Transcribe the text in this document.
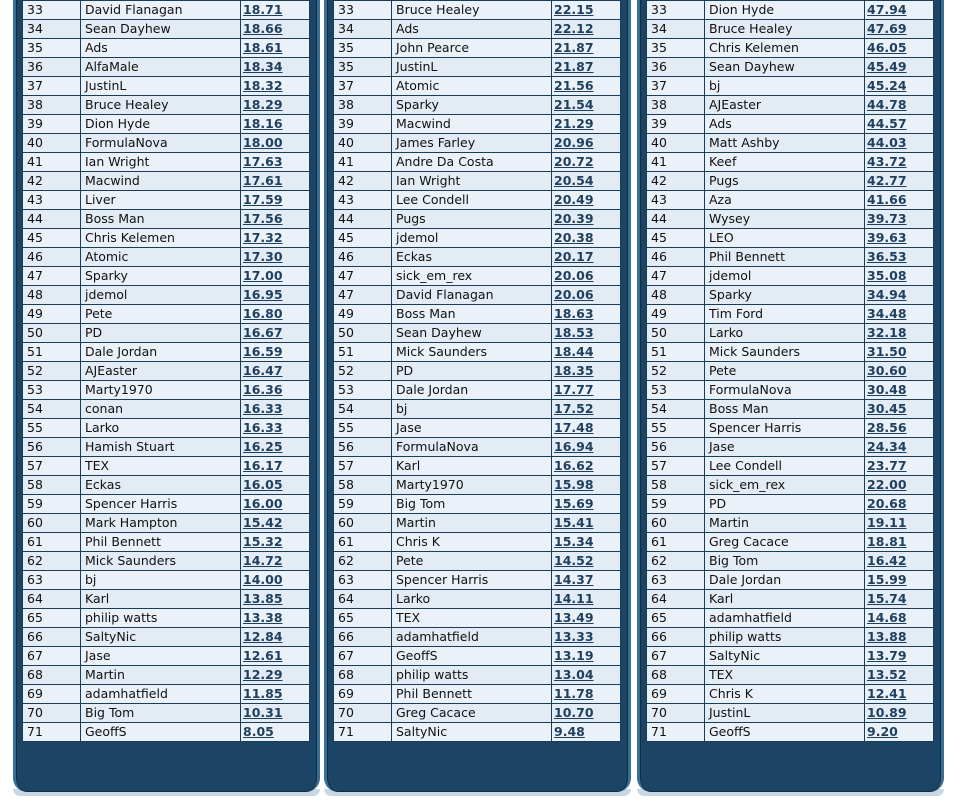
33	David Flanagan	18.71
34	Sean Dayhew	18.66
35	Ads	18.61
36	AlfaMale	18.34
37	JustinL	18.32
38	Bruce Healey	18.29
39	Dion Hyde	18.16
40	FormulaNova	18.00
41	Ian Wright	17.63
42	Macwind	17.61
43	Liver	17.59
44	Boss Man	17.56
45	Chris Kelemen	17.32
46	Atomic	17.30
47	Sparky	17.00
48	jdemol	16.95
49	Pete	16.80
50	PD	16.67
51	Dale Jordan	16.59
52	AJEaster	16.47
53	Marty1970	16.36
54	conan	16.33
55	Larko	16.33
56	Hamish Stuart	16.25
57	TEX	16.17
58	Eckas	16.05
59	Spencer Harris	16.00
60	Mark Hampton	15.42
61	Phil Bennett	15.32
62	Mick Saunders	14.72
63	bj	14.00
64	Karl	13.85
65	philip watts	13.38
66	SaltyNic	12.84
67	Jase	12.61
68	Martin	12.29
69	adamhatfield	11.85
70	Big Tom	10.31
71	GeoffS	8.05
33	Bruce Healey	22.15
34	Ads	22.12
35	John Pearce	21.87
35	JustinL	21.87
37	Atomic	21.56
38	Sparky	21.54
39	Macwind	21.29
40	James Farley	20.96
41	Andre Da Costa	20.72
42	Ian Wright	20.54
43	Lee Condell	20.49
44	Pugs	20.39
45	jdemol	20.38
46	Eckas	20.17
47	sick_em_rex	20.06
47	David Flanagan	20.06
49	Boss Man	18.63
50	Sean Dayhew	18.53
51	Mick Saunders	18.44
52	PD	18.35
53	Dale Jordan	17.77
54	bj	17.52
55	Jase	17.48
56	FormulaNova	16.94
57	Karl	16.62
58	Marty1970	15.98
59	Big Tom	15.69
60	Martin	15.41
61	Chris K	15.34
62	Pete	14.52
63	Spencer Harris	14.37
64	Larko	14.11
65	TEX	13.49
66	adamhatfield	13.33
67	GeoffS	13.19
68	philip watts	13.04
69	Phil Bennett	11.78
70	Greg Cacace	10.70
71	SaltyNic	9.48
33	Dion Hyde	47.94
34	Bruce Healey	47.69
35	Chris Kelemen	46.05
36	Sean Dayhew	45.49
37	bj	45.24
38	AJEaster	44.78
39	Ads	44.57
40	Matt Ashby	44.03
41	Keef	43.72
42	Pugs	42.77
43	Aza	41.66
44	Wysey	39.73
45	LEO	39.63
46	Phil Bennett	36.53
47	jdemol	35.08
48	Sparky	34.94
49	Tim Ford	34.48
50	Larko	32.18
51	Mick Saunders	31.50
52	Pete	30.60
53	FormulaNova	30.48
54	Boss Man	30.45
55	Spencer Harris	28.56
56	Jase	24.34
57	Lee Condell	23.77
58	sick_em_rex	22.00
59	PD	20.68
60	Martin	19.11
61	Greg Cacace	18.81
62	Big Tom	16.42
63	Dale Jordan	15.99
64	Karl	15.74
65	adamhatfield	14.68
66	philip watts	13.88
67	SaltyNic	13.79
68	TEX	13.52
69	Chris K	12.41
70	JustinL	10.89
71	GeoffS	9.20
